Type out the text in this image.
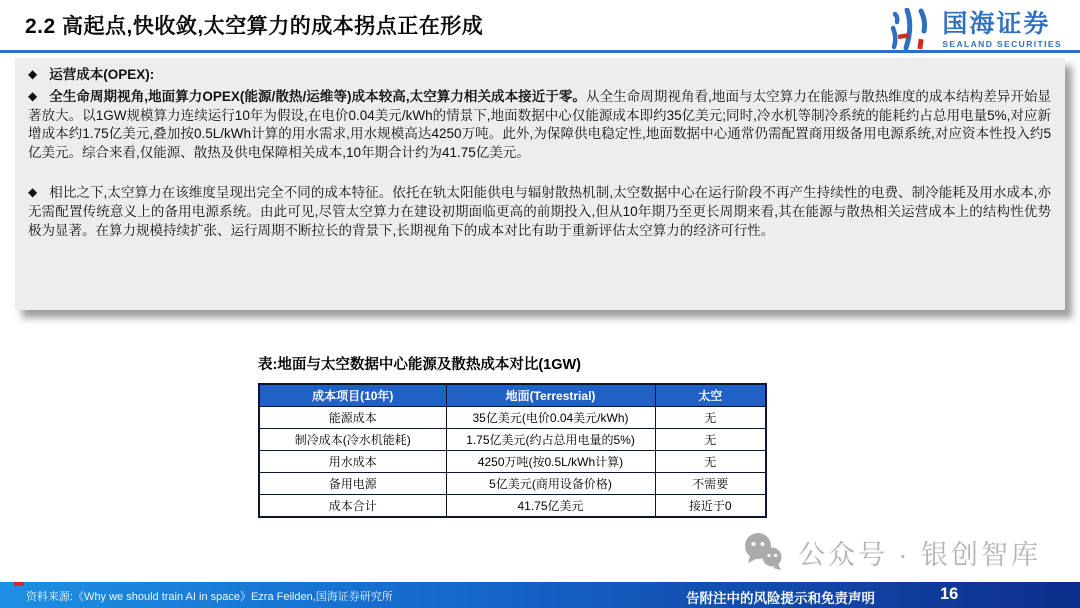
2.2 高起点,快收敛,太空算力的成本拐点正在形成	国海证券
SEALAND SECURITIES

◆ 运营成本(OPEX):

◆ 全生命周期视角,地面算力OPEX(能源/散热/运维等)成本较高,太空算力相关成本接近于零。从全生命周期视角看,地面与太空算力在能源与散热维度的成本结构差异开始显著放大。以1GW规模算力连续运行10年为假设,在电价0.04美元/kWh的情景下,地面数据中心仅能源成本即约35亿美元;同时,冷水机等制冷系统的能耗约占总用电量5%,对应新增成本约1.75亿美元,叠加按0.5L/kWh计算的用水需求,用水规模高达4250万吨。此外,为保障供电稳定性,地面数据中心通常仍需配置商用级备用电源系统,对应资本性投入约5亿美元。综合来看,仅能源、散热及供电保障相关成本,10年期合计约为41.75亿美元。

◆ 相比之下,太空算力在该维度呈现出完全不同的成本特征。依托在轨太阳能供电与辐射散热机制,太空数据中心在运行阶段不再产生持续性的电费、制冷能耗及用水成本,亦无需配置传统意义上的备用电源系统。由此可见,尽管太空算力在建设初期面临更高的前期投入,但从10年期乃至更长周期来看,其在能源与散热相关运营成本上的结构性优势极为显著。在算力规模持续扩张、运行周期不断拉长的背景下,长期视角下的成本对比有助于重新评估太空算力的经济可行性。

表:地面与太空数据中心能源及散热成本对比(1GW)
成本项目(10年)	地面(Terrestrial)	太空
能源成本	35亿美元(电价0.04美元/kWh)	无
制冷成本(冷水机能耗)	1.75亿美元(约占总用电量的5%)	无
用水成本	4250万吨(按0.5L/kWh计算)	无
备用电源	5亿美元(商用设备价格)	不需要
成本合计	41.75亿美元	接近于0
公众号 · 银创智库
资料来源:《Why we should train AI in space》Ezra Feilden,国海证券研究所	告附注中的风险提示和免责声明	16
